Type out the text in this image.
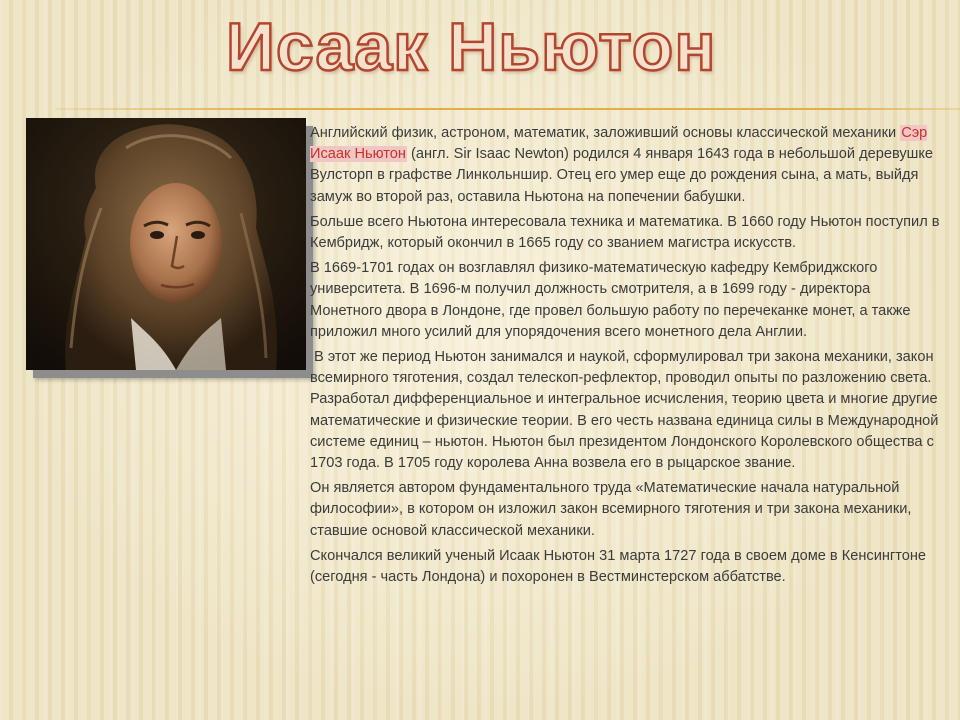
Исаак Ньютон

Английский физик, астроном, математик, заложивший основы классической механики Сэр Исаак Ньютон (англ. Sir Isaac Newton) родился 4 января 1643 года в небольшой деревушке Вулсторп в графстве Линкольншир. Отец его умер еще до рождения сына, а мать, выйдя замуж во второй раз, оставила Ньютона на попечении бабушки.

Больше всего Ньютона интересовала техника и математика. В 1660 году Ньютон поступил в Кембридж, который окончил в 1665 году со званием магистра искусств.

В 1669-1701 годах он возглавлял физико-математическую кафедру Кембриджского университета. В 1696-м получил должность смотрителя, а в 1699 году - директора Монетного двора в Лондоне, где провел большую работу по перечеканке монет, а также приложил много усилий для упорядочения всего монетного дела Англии.

В этот же период Ньютон занимался и наукой, сформулировал три закона механики, закон всемирного тяготения, создал телескоп-рефлектор, проводил опыты по разложению света. Разработал дифференциальное и интегральное исчисления, теорию цвета и многие другие математические и физические теории. В его честь названа единица силы в Международной системе единиц – ньютон. Ньютон был президентом Лондонского Королевского общества с 1703 года. В 1705 году королева Анна возвела его в рыцарское звание.

Он является автором фундаментального труда «Математические начала натуральной философии», в котором он изложил закон всемирного тяготения и три закона механики, ставшие основой классической механики.

Скончался великий ученый Исаак Ньютон 31 марта 1727 года в своем доме в Кенсингтоне (сегодня - часть Лондона) и похоронен в Вестминстерском аббатстве.
